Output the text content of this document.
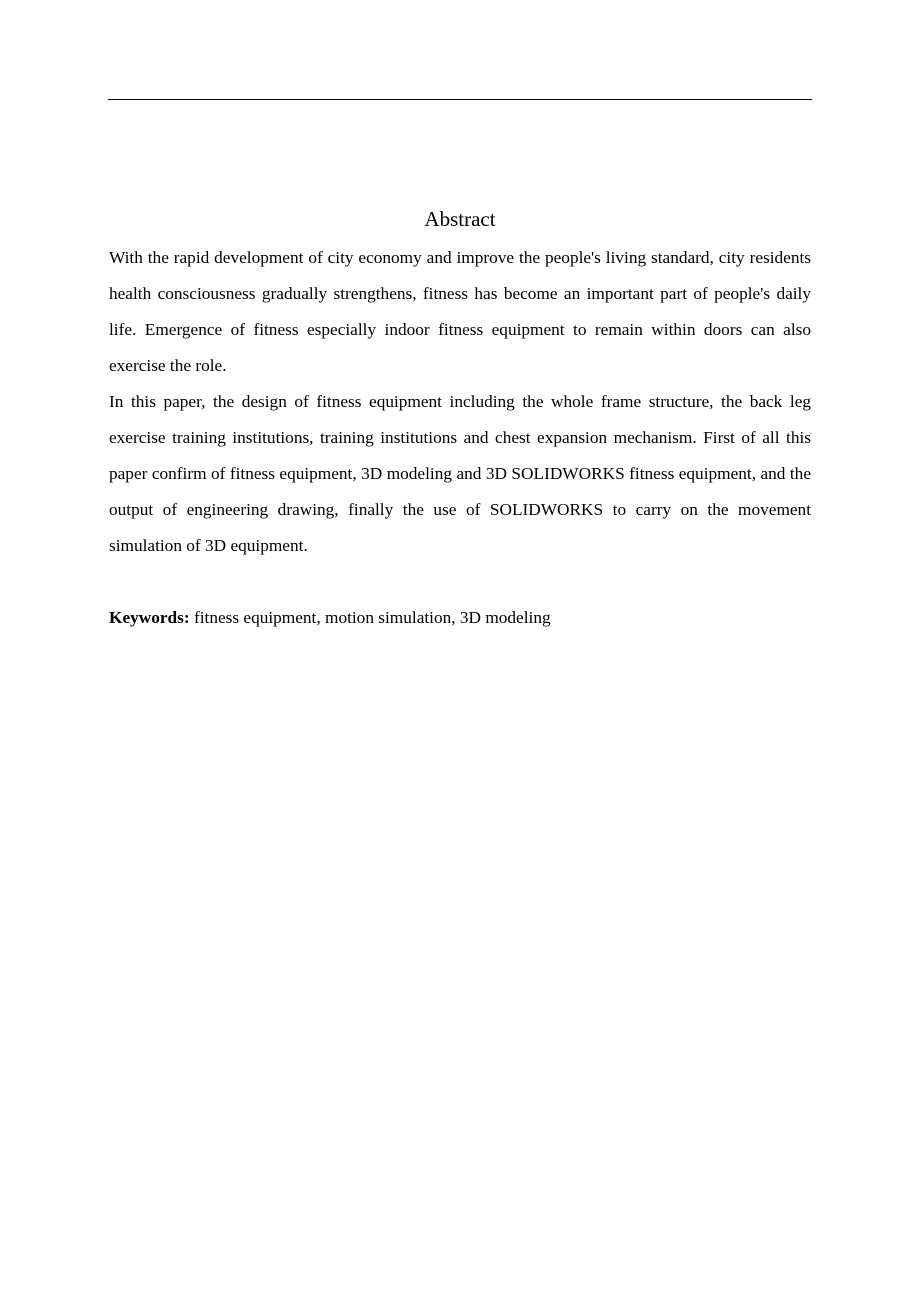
Abstract

With the rapid development of city economy and improve the people's living standard, city residents health consciousness gradually strengthens, fitness has become an important part of people's daily life. Emergence of fitness especially indoor fitness equipment to remain within doors can also exercise the role.

In this paper, the design of fitness equipment including the whole frame structure, the back leg exercise training institutions, training institutions and chest expansion mechanism. First of all this paper confirm of fitness equipment, 3D modeling and 3D SOLIDWORKS fitness equipment, and the output of engineering drawing, finally the use of SOLIDWORKS to carry on the movement simulation of 3D equipment.

Keywords: fitness equipment, motion simulation, 3D modeling
